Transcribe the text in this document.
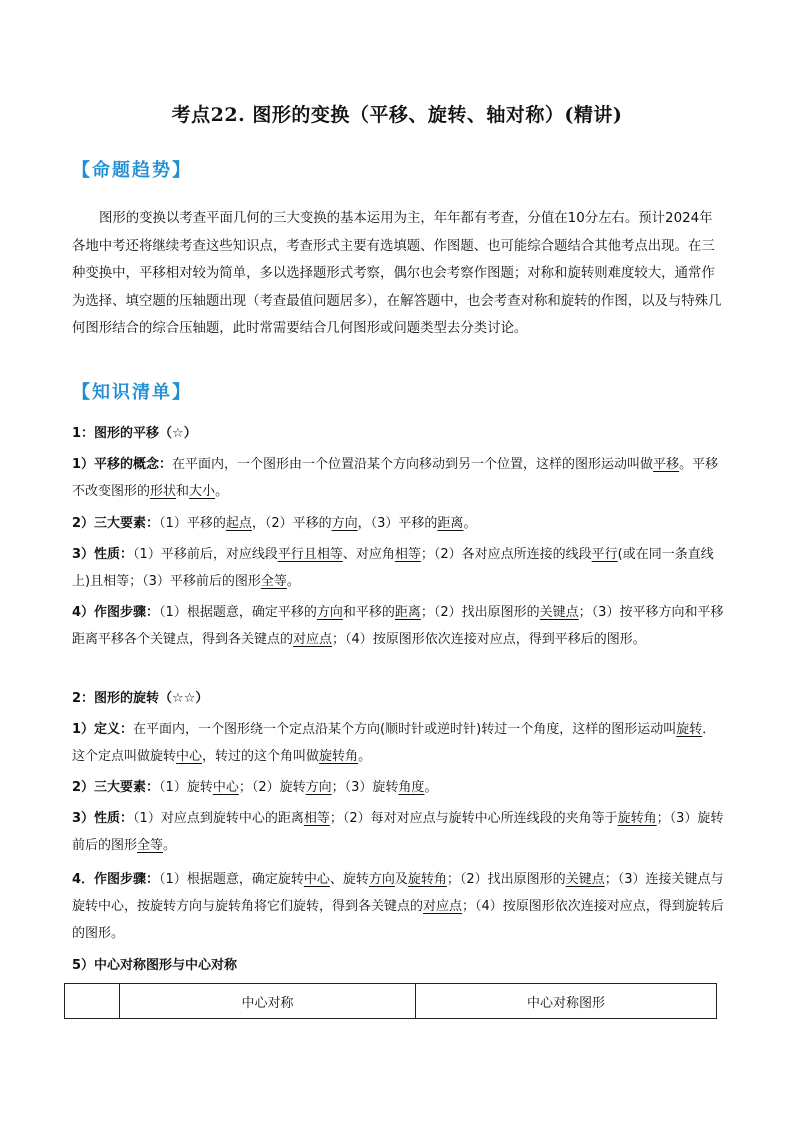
考点22. 图形的变换（平移、旋转、轴对称）(精讲)
【命题趋势】
图形的变换以考查平面几何的三大变换的基本运用为主，年年都有考查，分值在10分左右。预计2024年各地中考还将继续考查这些知识点，考查形式主要有选填题、作图题、也可能综合题结合其他考点出现。在三种变换中，平移相对较为简单，多以选择题形式考察，偶尔也会考察作图题；对称和旋转则难度较大，通常作为选择、填空题的压轴题出现（考查最值问题居多），在解答题中，也会考查对称和旋转的作图，以及与特殊几何图形结合的综合压轴题，此时常需要结合几何图形或问题类型去分类讨论。
【知识清单】
1：图形的平移（☆）
1）平移的概念：在平面内，一个图形由一个位置沿某个方向移动到另一个位置，这样的图形运动叫做平移。平移不改变图形的形状和大小。
2）三大要素：（1）平移的起点，（2）平移的方向，（3）平移的距离。
3）性质：（1）平移前后，对应线段平行且相等、对应角相等；（2）各对应点所连接的线段平行(或在同一条直线上)且相等；（3）平移前后的图形全等。
4）作图步骤：（1）根据题意，确定平移的方向和平移的距离；（2）找出原图形的关键点；（3）按平移方向和平移距离平移各个关键点，得到各关键点的对应点；（4）按原图形依次连接对应点，得到平移后的图形。
2：图形的旋转（☆☆）
1）定义：在平面内，一个图形绕一个定点沿某个方向(顺时针或逆时针)转过一个角度，这样的图形运动叫旋转．这个定点叫做旋转中心，转过的这个角叫做旋转角。
2）三大要素：（1）旋转中心；（2）旋转方向；（3）旋转角度。
3）性质：（1）对应点到旋转中心的距离相等；（2）每对对应点与旋转中心所连线段的夹角等于旋转角；（3）旋转前后的图形全等。
4．作图步骤：（1）根据题意，确定旋转中心、旋转方向及旋转角；（2）找出原图形的关键点；（3）连接关键点与旋转中心，按旋转方向与旋转角将它们旋转，得到各关键点的对应点；（4）按原图形依次连接对应点，得到旋转后的图形。
5）中心对称图形与中心对称
	中心对称	中心对称图形
